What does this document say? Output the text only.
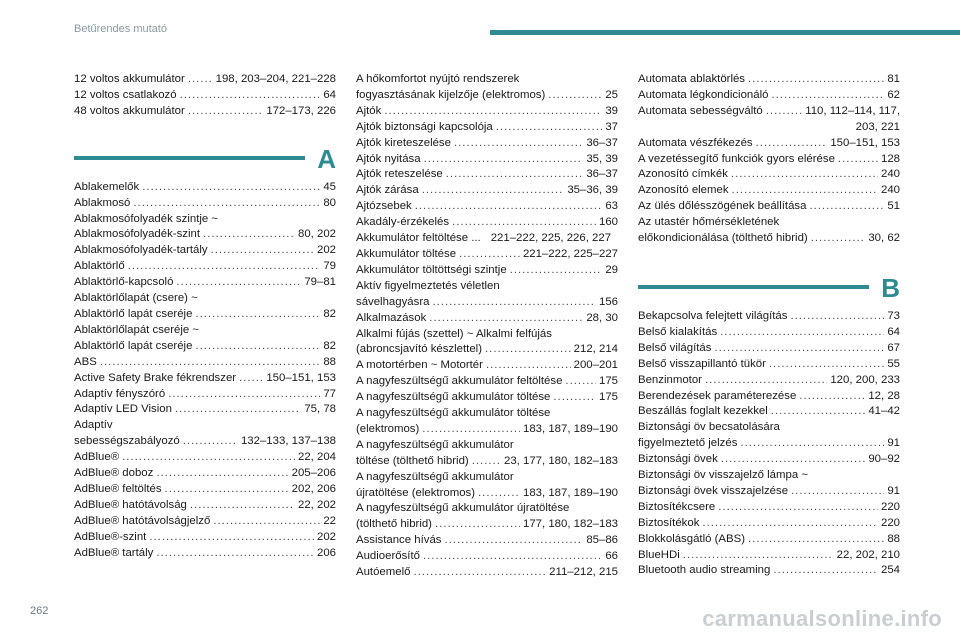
Betűrendes mutató
12 voltos akkumulátor .....	198, 203–204, 221–228
12 voltos csatlakozó .....	64
48 voltos akkumulátor .....	172–173, 226
A
Ablakemelők .....	45
Ablakmosó .....	80
Ablakmosófolyadék szintje ~
Ablakmosófolyadék-szint .....	80, 202
Ablakmosófolyadék-tartály .....	202
Ablaktörlő .....	79
Ablaktörlő-kapcsoló .....	79–81
Ablaktörlőlapát (csere) ~
Ablaktörlő lapát cseréje .....	82
Ablaktörlőlapát cseréje ~
Ablaktörlő lapát cseréje .....	82
ABS .....	88
Active Safety Brake fékrendszer .....	150–151, 153
Adaptív fényszóró .....	77
Adaptív LED Vision .....	75, 78
Adaptív
sebességszabályozó .....	132–133, 137–138
AdBlue® .....	22, 204
AdBlue® doboz .....	205–206
AdBlue® feltöltés .....	202, 206
AdBlue® hatótávolság .....	22, 202
AdBlue® hatótávolságjelző .....	22
AdBlue®-szint .....	202
AdBlue® tartály .....	206
A hőkomfortot nyújtó rendszerek
fogyasztásának kijelzője (elektromos) .....	25
Ajtók .....	39
Ajtók biztonsági kapcsolója .....	37
Ajtók kireteszelése .....	36–37
Ajtók nyitása .....	35, 39
Ajtók reteszelése .....	36–37
Ajtók zárása .....	35–36, 39
Ajtózsebek .....	63
Akadály-érzékelés .....	160
Akkumulátor feltöltése ... 221–222, 225, 226, 227
Akkumulátor töltése .....	221–222, 225–227
Akkumulátor töltöttségi szintje .....	29
Aktív figyelmeztetés véletlen
sávelhagyásra .....	156
Alkalmazások .....	28, 30
Alkalmi fújás (szettel) ~ Alkalmi felfújás
(abroncsjavító készlettel) .....	212, 214
A motortérben ~ Motortér .....	200–201
A nagyfeszültségű akkumulátor feltöltése .....	175
A nagyfeszültségű akkumulátor töltése .....	175
A nagyfeszültségű akkumulátor töltése
(elektromos) .....	183, 187, 189–190
A nagyfeszültségű akkumulátor
töltése (tölthető hibrid) .....	23, 177, 180, 182–183
A nagyfeszültségű akkumulátor
újratöltése (elektromos) .....	183, 187, 189–190
A nagyfeszültségű akkumulátor újratöltése
(tölthető hibrid) .....	177, 180, 182–183
Assistance hívás .....	85–86
Audioerősítő .....	66
Autóemelő .....	211–212, 215
Automata ablaktörlés .....	81
Automata légkondicionáló .....	62
Automata sebességváltó .....	110, 112–114, 117,
203, 221
Automata vészfékezés .....	150–151, 153
A vezetéssegítő funkciók gyors elérése .....	128
Azonosító címkék .....	240
Azonosító elemek .....	240
Az ülés dőlésszögének beállítása .....	51
Az utastér hőmérsékletének
előkondicionálása (tölthető hibrid) .....	30, 62
B
Bekapcsolva felejtett világítás .....	73
Belső kialakítás .....	64
Belső világítás .....	67
Belső visszapillantó tükör .....	55
Benzinmotor .....	120, 200, 233
Berendezések paraméterezése .....	12, 28
Beszállás foglalt kezekkel .....	41–42
Biztonsági öv becsatolására
figyelmeztető jelzés .....	91
Biztonsági övek .....	90–92
Biztonsági öv visszajelző lámpa ~
Biztonsági övek visszajelzése .....	91
Biztosítékcsere .....	220
Biztosítékok .....	220
Blokkolásgátló (ABS) .....	88
BlueHDi .....	22, 202, 210
Bluetooth audio streaming .....	254
262	carmanualsonline.info
